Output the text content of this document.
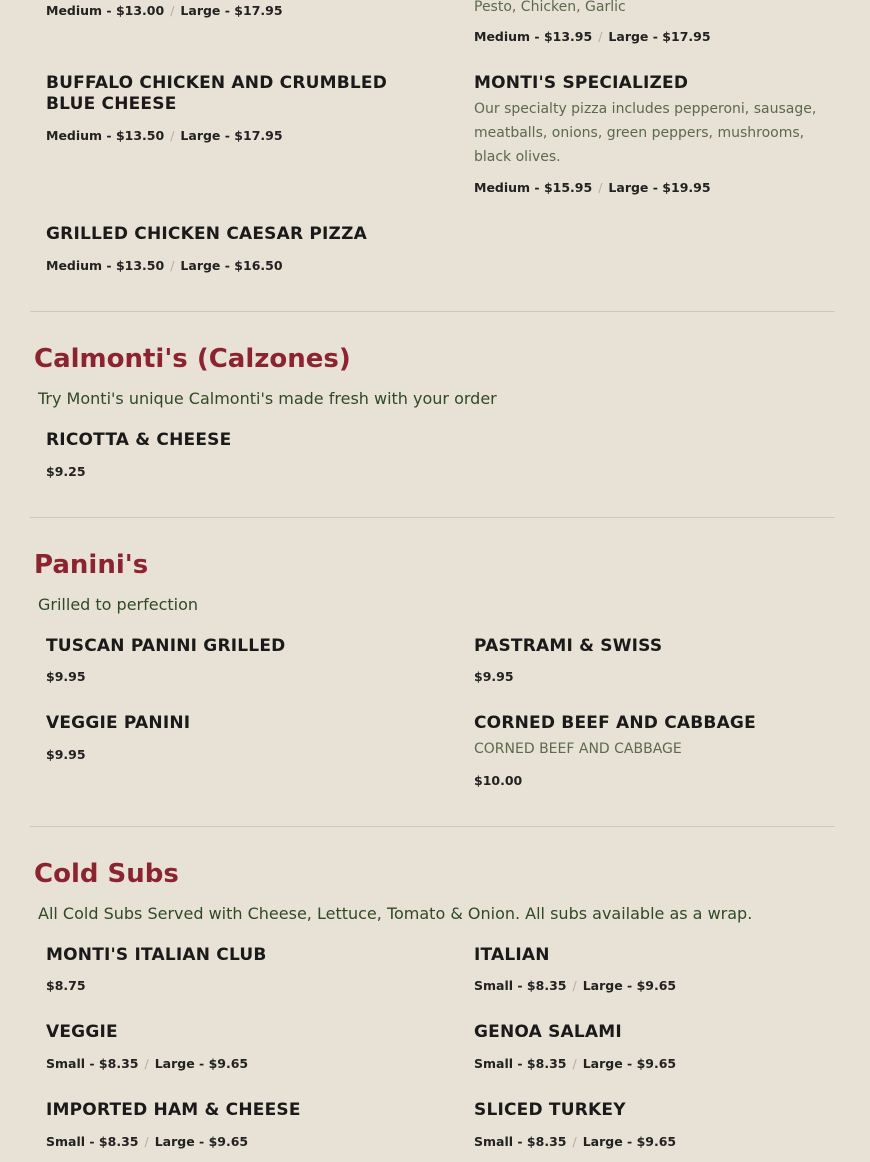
Medium - $13.00 / Large - $17.95	Pesto, Chicken, Garlic

Medium - $13.95 / Large - $17.95
BUFFALO CHICKEN AND CRUMBLED
BLUE CHEESE
Medium - $13.50 / Large - $17.95
MONTI'S SPECIALIZED

Our specialty pizza includes pepperoni, sausage,
meatballs, onions, green peppers, mushrooms,
black olives.

Medium - $15.95 / Large - $19.95
GRILLED CHICKEN CAESAR PIZZA
Medium - $13.50 / Large - $16.50
Calmonti's (Calzones)

Try Monti's unique Calmonti's made fresh with your order

RICOTTA & CHEESE
$9.25
Panini's

Grilled to perfection

TUSCAN PANINI GRILLED
$9.95
PASTRAMI & SWISS
$9.95
VEGGIE PANINI
$9.95
CORNED BEEF AND CABBAGE

CORNED BEEF AND CABBAGE

$10.00
Cold Subs

All Cold Subs Served with Cheese, Lettuce, Tomato & Onion. All subs available as a wrap.

MONTI'S ITALIAN CLUB
$8.75
ITALIAN
Small - $8.35 / Large - $9.65
VEGGIE
Small - $8.35 / Large - $9.65
GENOA SALAMI
Small - $8.35 / Large - $9.65
IMPORTED HAM & CHEESE
Small - $8.35 / Large - $9.65
SLICED TURKEY
Small - $8.35 / Large - $9.65
